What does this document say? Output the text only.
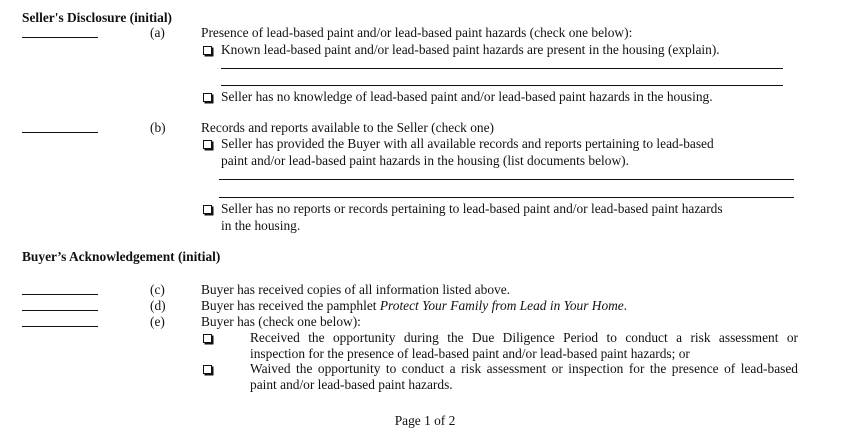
Seller's Disclosure (initial)
(a)	Presence of lead-based paint and/or lead-based paint hazards (check one below):
Known lead-based paint and/or lead-based paint hazards are present in the housing (explain).
Seller has no knowledge of lead-based paint and/or lead-based paint hazards in the housing.
(b)	Records and reports available to the Seller (check one)
Seller has provided the Buyer with all available records and reports pertaining to lead-based
paint and/or lead-based paint hazards in the housing (list documents below).
Seller has no reports or records pertaining to lead-based paint and/or lead-based paint hazards
in the housing.
Buyer’s Acknowledgement (initial)
(c)	Buyer has received copies of all information listed above.
(d)	Buyer has received the pamphlet Protect Your Family from Lead in Your Home.
(e)	Buyer has (check one below):
Received the opportunity during the Due Diligence Period to conduct a risk assessment or
inspection for the presence of lead-based paint and/or lead-based paint hazards; or
Waived the opportunity to conduct a risk assessment or inspection for the presence of lead-based
paint and/or lead-based paint hazards.
Page 1 of 2
